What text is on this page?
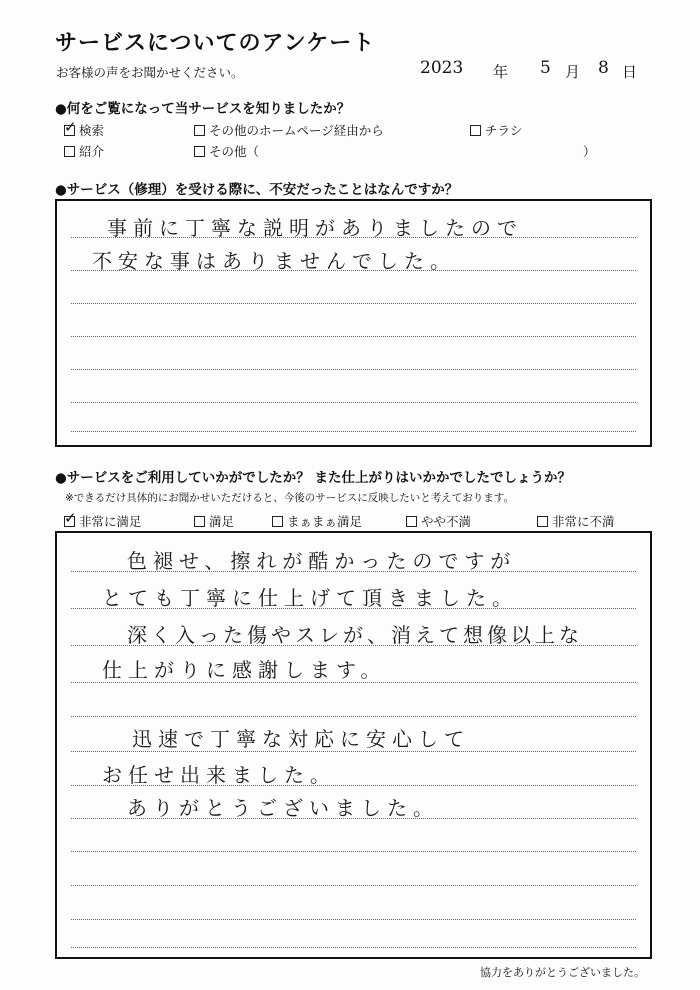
サービスについてのアンケート
お客様の声をお聞かせください。	2023 年 5 月 8 日
●何をご覧になって当サービスを知りましたか？
✓ 検索	その他のホームページ経由から	チラシ
紹介	その他（	）
●サービス（修理）を受ける際に、不安だったことはなんですか？
事前に丁寧な説明がありましたので
不安な事はありませんでした。
●サービスをご利用していかがでしたか？ また仕上がりはいかかでしたでしょうか？
※できるだけ具体的にお聞かせいただけると、今後のサービスに反映したいと考えております。
✓ 非常に満足	満足	まぁまぁ満足	やや不満	非常に不満
色褪せ、擦れが酷かったのですが
とても丁寧に仕上げて頂きました。
深く入った傷やスレが、消えて想像以上な
仕上がりに感謝します。
迅速で丁寧な対応に安心して
お任せ出来ました。
ありがとうございました。
協力をありがとうございました。
